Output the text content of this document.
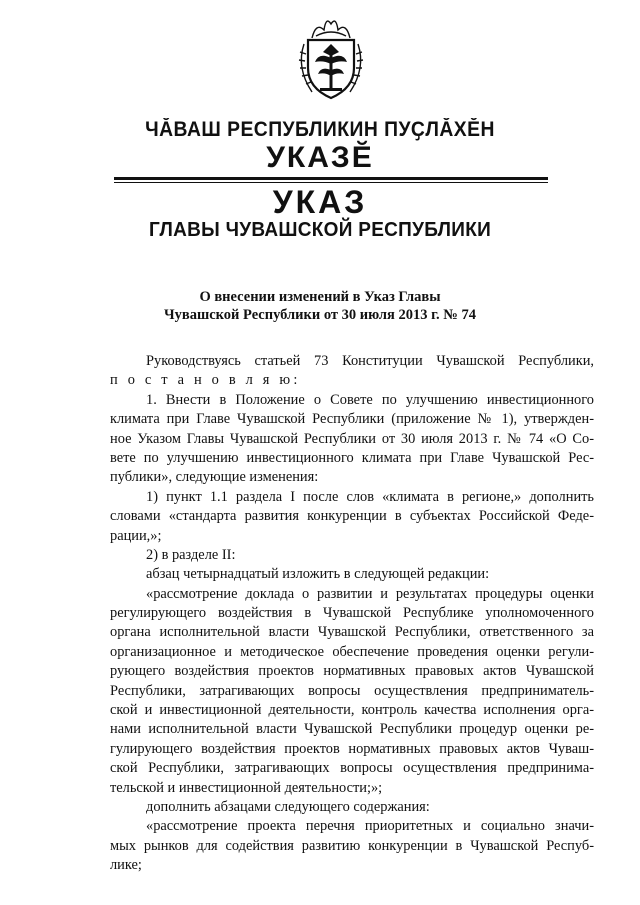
ЧӐВАШ РЕСПУБЛИКИН ПУҪЛӐХӖН
УКАЗӖ
УКАЗ
ГЛАВЫ ЧУВАШСКОЙ РЕСПУБЛИКИ
О внесении изменений в Указ Главы
Чувашской Республики от 30 июля 2013 г. № 74
Руководствуясь статьей 73 Конституции Чувашской Республики,
п о с т а н о в л я ю:
1. Внести в Положение о Совете по улучшению инвестиционного
климата при Главе Чувашской Республики (приложение № 1), утвержден-
ное Указом Главы Чувашской Республики от 30 июля 2013 г. № 74 «О Со-
вете по улучшению инвестиционного климата при Главе Чувашской Рес-
публики», следующие изменения:
1) пункт 1.1 раздела I после слов «климата в регионе,» дополнить
словами «стандарта развития конкуренции в субъектах Российской Феде-
рации,»;
2) в разделе II:
абзац четырнадцатый изложить в следующей редакции:
«рассмотрение доклада о развитии и результатах процедуры оценки
регулирующего воздействия в Чувашской Республике уполномоченного
органа исполнительной власти Чувашской Республики, ответственного за
организационное и методическое обеспечение проведения оценки регули-
рующего воздействия проектов нормативных правовых актов Чувашской
Республики, затрагивающих вопросы осуществления предприниматель-
ской и инвестиционной деятельности, контроль качества исполнения орга-
нами исполнительной власти Чувашской Республики процедур оценки ре-
гулирующего воздействия проектов нормативных правовых актов Чуваш-
ской Республики, затрагивающих вопросы осуществления предпринима-
тельской и инвестиционной деятельности;»;
дополнить абзацами следующего содержания:
«рассмотрение проекта перечня приоритетных и социально значи-
мых рынков для содействия развитию конкуренции в Чувашской Респуб-
лике;
